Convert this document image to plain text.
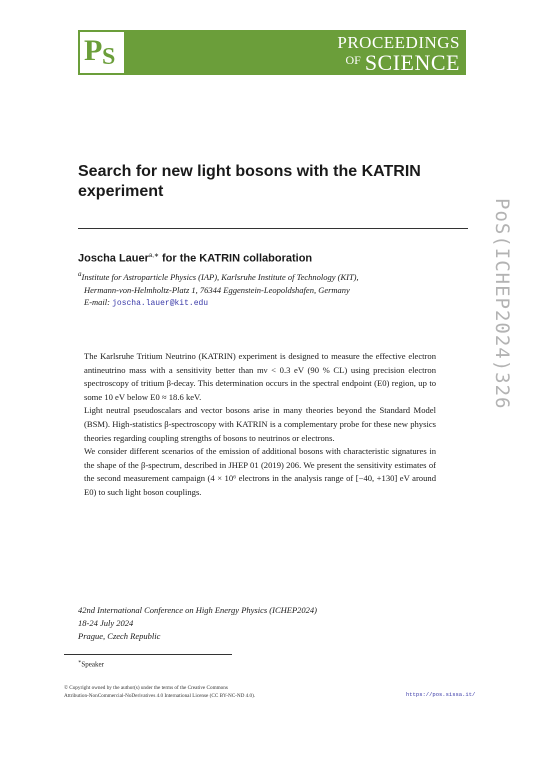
P S
PROCEEDINGS
$^{OF}$ SCIENCE
Search for new light bosons with the KATRIN experiment
Joscha Lauer$^{a,∗}$ for the KATRIN collaboration
$^a$Institute for Astroparticle Physics (IAP), Karlsruhe Institute of Technology (KIT),
Hermann-von-Helmholtz-Platz 1, 76344 Eggenstein-Leopoldshafen, Germany
E-mail: joscha.lauer@kit.edu

The Karlsruhe Tritium Neutrino (KATRIN) experiment is designed to measure the effective electron antineutrino mass with a sensitivity better than mν < 0.3 eV (90 % CL) using precision electron spectroscopy of tritium β-decay. This determination occurs in the spectral endpoint (E0) region, up to some 10 eV below E0 ≈ 18.6 keV.

Light neutral pseudoscalars and vector bosons arise in many theories beyond the Standard Model (BSM). High-statistics β-spectroscopy with KATRIN is a complementary probe for these new physics theories regarding coupling strengths of bosons to neutrinos or electrons.

We consider different scenarios of the emission of additional bosons with characteristic signatures in the shape of the β-spectrum, described in JHEP 01 (2019) 206. We present the sensitivity estimates of the second measurement campaign (4 × 10⁶ electrons in the analysis range of [−40, +130] eV around E0) to such light boson couplings.

42nd International Conference on High Energy Physics (ICHEP2024)
18-24 July 2024
Prague, Czech Republic
∗Speaker
© Copyright owned by the author(s) under the terms of the Creative Commons
Attribution-NonCommercial-NoDerivatives 4.0 International License (CC BY-NC-ND 4.0).	https://pos.sissa.it/
PoS(ICHEP2024)326
